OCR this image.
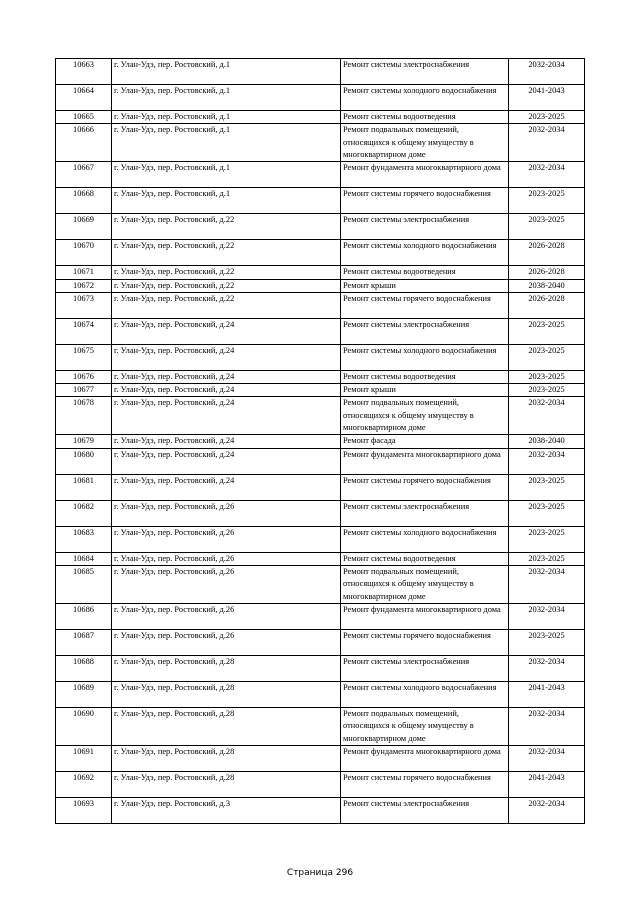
10663	г. Улан-Удэ, пер. Ростовский, д.1	Ремонт системы электроснабжения	2032-2034
10664	г. Улан-Удэ, пер. Ростовский, д.1	Ремонт системы холодного водоснабжения	2041-2043
10665	г. Улан-Удэ, пер. Ростовский, д.1	Ремонт системы водоотведения	2023-2025
10666	г. Улан-Удэ, пер. Ростовский, д.1	Ремонт подвальных помещений, относящихся к общему имуществу в многоквартирном доме	2032-2034
10667	г. Улан-Удэ, пер. Ростовский, д.1	Ремонт фундамента многоквартирного дома	2032-2034
10668	г. Улан-Удэ, пер. Ростовский, д.1	Ремонт системы горячего водоснабжения	2023-2025
10669	г. Улан-Удэ, пер. Ростовский, д.22	Ремонт системы электроснабжения	2023-2025
10670	г. Улан-Удэ, пер. Ростовский, д.22	Ремонт системы холодного водоснабжения	2026-2028
10671	г. Улан-Удэ, пер. Ростовский, д.22	Ремонт системы водоотведения	2026-2028
10672	г. Улан-Удэ, пер. Ростовский, д.22	Ремонт крыши	2038-2040
10673	г. Улан-Удэ, пер. Ростовский, д.22	Ремонт системы горячего водоснабжения	2026-2028
10674	г. Улан-Удэ, пер. Ростовский, д.24	Ремонт системы электроснабжения	2023-2025
10675	г. Улан-Удэ, пер. Ростовский, д.24	Ремонт системы холодного водоснабжения	2023-2025
10676	г. Улан-Удэ, пер. Ростовский, д.24	Ремонт системы водоотведения	2023-2025
10677	г. Улан-Удэ, пер. Ростовский, д.24	Ремонт крыши	2023-2025
10678	г. Улан-Удэ, пер. Ростовский, д.24	Ремонт подвальных помещений, относящихся к общему имуществу в многоквартирном доме	2032-2034
10679	г. Улан-Удэ, пер. Ростовский, д.24	Ремонт фасада	2038-2040
10680	г. Улан-Удэ, пер. Ростовский, д.24	Ремонт фундамента многоквартирного дома	2032-2034
10681	г. Улан-Удэ, пер. Ростовский, д.24	Ремонт системы горячего водоснабжения	2023-2025
10682	г. Улан-Удэ, пер. Ростовский, д.26	Ремонт системы электроснабжения	2023-2025
10683	г. Улан-Удэ, пер. Ростовский, д.26	Ремонт системы холодного водоснабжения	2023-2025
10684	г. Улан-Удэ, пер. Ростовский, д.26	Ремонт системы водоотведения	2023-2025
10685	г. Улан-Удэ, пер. Ростовский, д.26	Ремонт подвальных помещений, относящихся к общему имуществу в многоквартирном доме	2032-2034
10686	г. Улан-Удэ, пер. Ростовский, д.26	Ремонт фундамента многоквартирного дома	2032-2034
10687	г. Улан-Удэ, пер. Ростовский, д.26	Ремонт системы горячего водоснабжения	2023-2025
10688	г. Улан-Удэ, пер. Ростовский, д.28	Ремонт системы электроснабжения	2032-2034
10689	г. Улан-Удэ, пер. Ростовский, д.28	Ремонт системы холодного водоснабжения	2041-2043
10690	г. Улан-Удэ, пер. Ростовский, д.28	Ремонт подвальных помещений, относящихся к общему имуществу в многоквартирном доме	2032-2034
10691	г. Улан-Удэ, пер. Ростовский, д.28	Ремонт фундамента многоквартирного дома	2032-2034
10692	г. Улан-Удэ, пер. Ростовский, д.28	Ремонт системы горячего водоснабжения	2041-2043
10693	г. Улан-Удэ, пер. Ростовский, д.3	Ремонт системы электроснабжения	2032-2034
Страница 296
